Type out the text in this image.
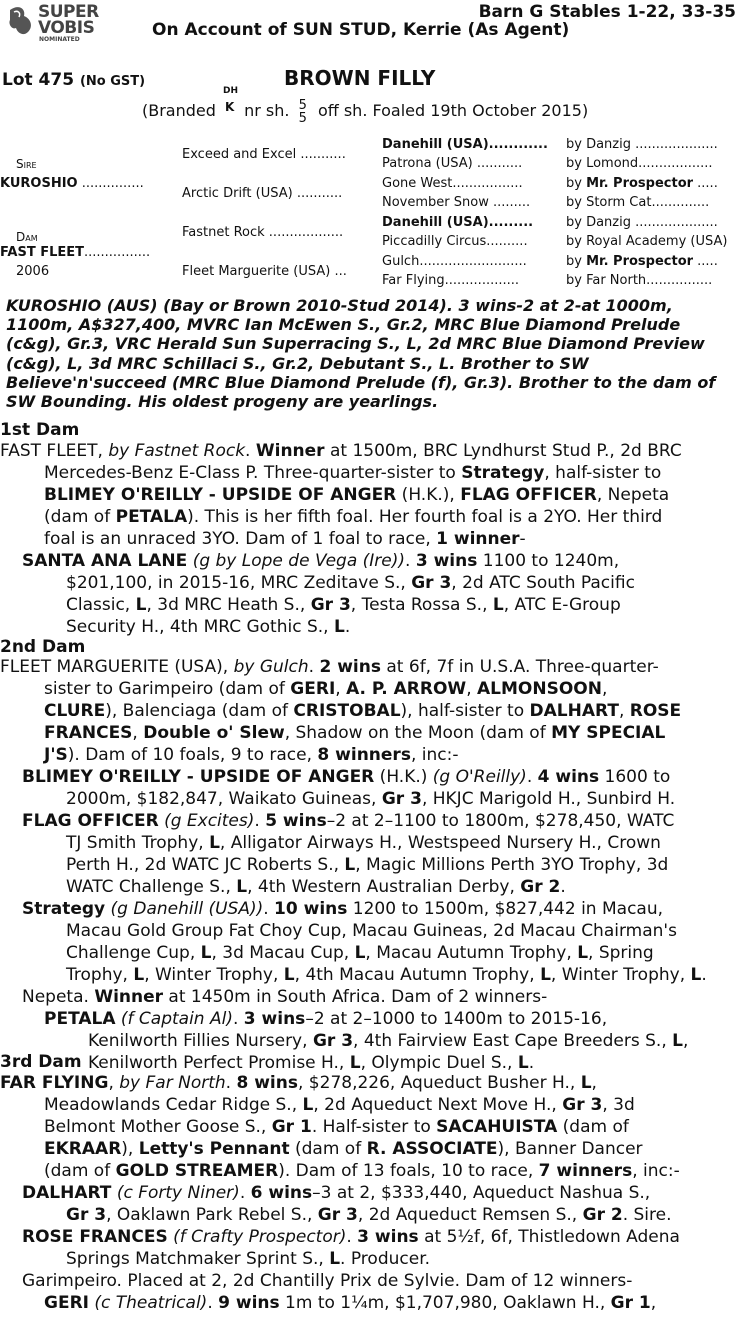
SUPER
VOBIS
NOMINATED
Barn G Stables 1-22, 33-35
On Account of SUN STUD, Kerrie (As Agent)
Lot 475 (No GST)	BROWN FILLY
(Branded
DH
K nr sh. 5
5 off sh. Foaled 19th October 2015)
Sire
KUROSHIO ...............
Dam
FAST FLEET................
2006
Exceed and Excel ...........
Arctic Drift (USA) ...........
Fastnet Rock ..................
Fleet Marguerite (USA) ...
Danehill (USA)............
Patrona (USA) ...........
Gone West.................
November Snow .........
Danehill (USA).........
Piccadilly Circus..........
Gulch..........................
Far Flying..................
by Danzig ....................
by Lomond..................
by Mr. Prospector .....
by Storm Cat..............
by Danzig ....................
by Royal Academy (USA)
by Mr. Prospector .....
by Far North................
KUROSHIO (AUS) (Bay or Brown 2010-Stud 2014). 3 wins-2 at 2-at 1000m,
1100m, A$327,400, MVRC Ian McEwen S., Gr.2, MRC Blue Diamond Prelude
(c&g), Gr.3, VRC Herald Sun Superracing S., L, 2d MRC Blue Diamond Preview
(c&g), L, 3d MRC Schillaci S., Gr.2, Debutant S., L. Brother to SW
Believe'n'succeed (MRC Blue Diamond Prelude (f), Gr.3). Brother to the dam of
SW Bounding. His oldest progeny are yearlings.
1st Dam
FAST FLEET, by Fastnet Rock. Winner at 1500m, BRC Lyndhurst Stud P., 2d BRC
Mercedes-Benz E-Class P. Three-quarter-sister to Strategy, half-sister to
BLIMEY O'REILLY - UPSIDE OF ANGER (H.K.), FLAG OFFICER, Nepeta
(dam of PETALA). This is her fifth foal. Her fourth foal is a 2YO. Her third
foal is an unraced 3YO. Dam of 1 foal to race, 1 winner-
SANTA ANA LANE (g by Lope de Vega (Ire)). 3 wins 1100 to 1240m,
$201,100, in 2015-16, MRC Zeditave S., Gr 3, 2d ATC South Pacific
Classic, L, 3d MRC Heath S., Gr 3, Testa Rossa S., L, ATC E-Group
Security H., 4th MRC Gothic S., L.
2nd Dam
FLEET MARGUERITE (USA), by Gulch. 2 wins at 6f, 7f in U.S.A. Three-quarter-
sister to Garimpeiro (dam of GERI, A. P. ARROW, ALMONSOON,
CLURE), Balenciaga (dam of CRISTOBAL), half-sister to DALHART, ROSE
FRANCES, Double o' Slew, Shadow on the Moon (dam of MY SPECIAL
J'S). Dam of 10 foals, 9 to race, 8 winners, inc:-
BLIMEY O'REILLY - UPSIDE OF ANGER (H.K.) (g O'Reilly). 4 wins 1600 to
2000m, $182,847, Waikato Guineas, Gr 3, HKJC Marigold H., Sunbird H.
FLAG OFFICER (g Excites). 5 wins–2 at 2–1100 to 1800m, $278,450, WATC
TJ Smith Trophy, L, Alligator Airways H., Westspeed Nursery H., Crown
Perth H., 2d WATC JC Roberts S., L, Magic Millions Perth 3YO Trophy, 3d
WATC Challenge S., L, 4th Western Australian Derby, Gr 2.
Strategy (g Danehill (USA)). 10 wins 1200 to 1500m, $827,442 in Macau,
Macau Gold Group Fat Choy Cup, Macau Guineas, 2d Macau Chairman's
Challenge Cup, L, 3d Macau Cup, L, Macau Autumn Trophy, L, Spring
Trophy, L, Winter Trophy, L, 4th Macau Autumn Trophy, L, Winter Trophy, L.
Nepeta. Winner at 1450m in South Africa. Dam of 2 winners-
PETALA (f Captain Al). 3 wins–2 at 2–1000 to 1400m to 2015-16,
Kenilworth Fillies Nursery, Gr 3, 4th Fairview East Cape Breeders S., L,
Kenilworth Perfect Promise H., L, Olympic Duel S., L.
3rd Dam
FAR FLYING, by Far North. 8 wins, $278,226, Aqueduct Busher H., L,
Meadowlands Cedar Ridge S., L, 2d Aqueduct Next Move H., Gr 3, 3d
Belmont Mother Goose S., Gr 1. Half-sister to SACAHUISTA (dam of
EKRAAR), Letty's Pennant (dam of R. ASSOCIATE), Banner Dancer
(dam of GOLD STREAMER). Dam of 13 foals, 10 to race, 7 winners, inc:-
DALHART (c Forty Niner). 6 wins–3 at 2, $333,440, Aqueduct Nashua S.,
Gr 3, Oaklawn Park Rebel S., Gr 3, 2d Aqueduct Remsen S., Gr 2. Sire.
ROSE FRANCES (f Crafty Prospector). 3 wins at 5½f, 6f, Thistledown Adena
Springs Matchmaker Sprint S., L. Producer.
Garimpeiro. Placed at 2, 2d Chantilly Prix de Sylvie. Dam of 12 winners-
GERI (c Theatrical). 9 wins 1m to 1¼m, $1,707,980, Oaklawn H., Gr 1,
